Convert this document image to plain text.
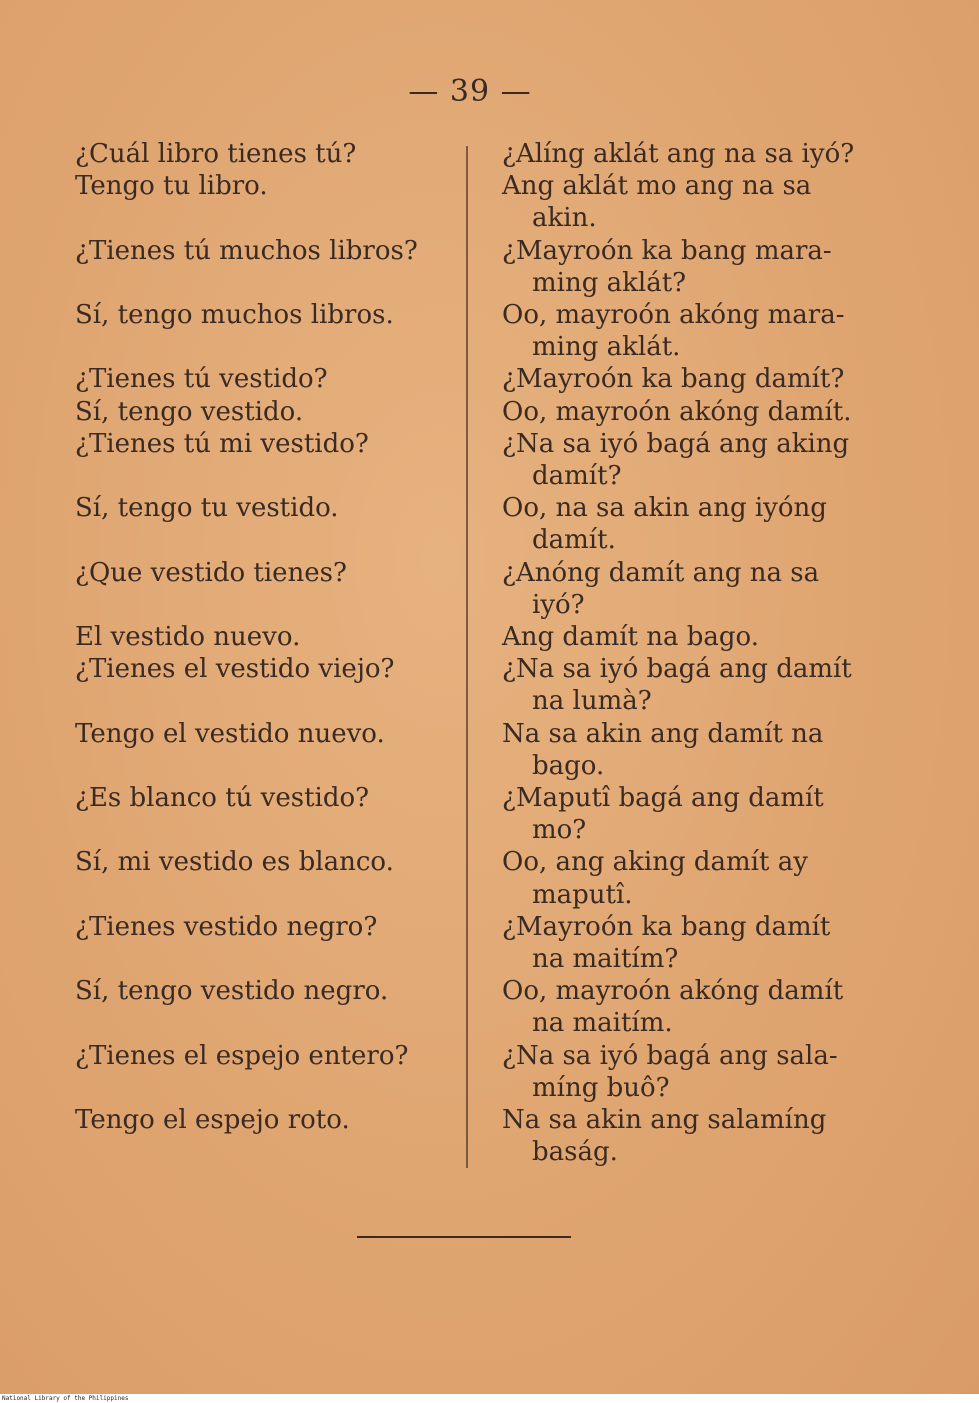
— 39 —
¿Cuál libro tienes tú?
Tengo tu libro.
¿Tienes tú muchos libros?
Sí, tengo muchos libros.
¿Tienes tú vestido?
Sí, tengo vestido.
¿Tienes tú mi vestido?
Sí, tengo tu vestido.
¿Que vestido tienes?
El vestido nuevo.
¿Tienes el vestido viejo?
Tengo el vestido nuevo.
¿Es blanco tú vestido?
Sí, mi vestido es blanco.
¿Tienes vestido negro?
Sí, tengo vestido negro.
¿Tienes el espejo entero?
Tengo el espejo roto.
¿Alíng aklát ang na sa iyó?
Ang aklát mo ang na sa
akin.
¿Mayroón ka bang mara-
ming aklát?
Oo, mayroón akóng mara-
ming aklát.
¿Mayroón ka bang damít?
Oo, mayroón akóng damít.
¿Na sa iyó bagá ang aking
damít?
Oo, na sa akin ang iyóng
damít.
¿Anóng damít ang na sa
iyó?
Ang damít na bago.
¿Na sa iyó bagá ang damít
na lumà?
Na sa akin ang damít na
bago.
¿Maputî bagá ang damít
mo?
Oo, ang aking damít ay
maputî.
¿Mayroón ka bang damít
na maitím?
Oo, mayroón akóng damít
na maitím.
¿Na sa iyó bagá ang sala-
míng buô?
Na sa akin ang salamíng
baság.
National Library of the Philippines
